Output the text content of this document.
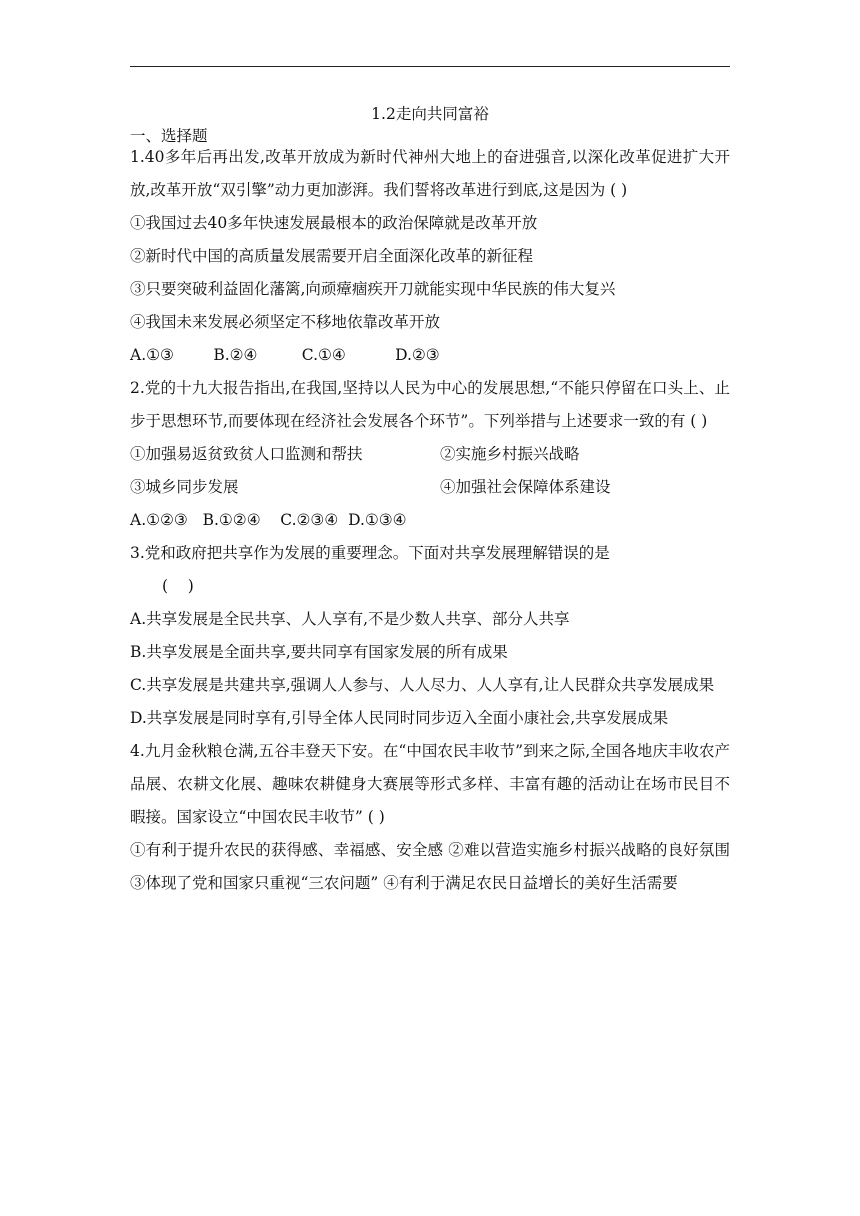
1.2走向共同富裕
一、选择题

1.40多年后再出发,改革开放成为新时代神州大地上的奋进强音,以深化改革促进扩大开放,改革开放“双引擎”动力更加澎湃。我们誓将改革进行到底,这是因为 ( )

①我国过去40多年快速发展最根本的政治保障就是改革开放
②新时代中国的高质量发展需要开启全面深化改革的新征程
③只要突破利益固化藩篱,向顽瘴痼疾开刀就能实现中华民族的伟大复兴
④我国未来发展必须坚定不移地依靠改革开放
A.①③        B.②④         C.①④          D.②③

2.党的十九大报告指出,在我国,坚持以人民为中心的发展思想,“不能只停留在口头上、止步于思想环节,而要体现在经济社会发展各个环节”。下列举措与上述要求一致的有 ( )

①加强易返贫致贫人口监测和帮扶	②实施乡村振兴战略
③城乡同步发展	④加强社会保障体系建设
A.①②③   B.①②④    C.②③④  D.①③④
3.党和政府把共享作为发展的重要理念。下面对共享发展理解错误的是
(    )
A.共享发展是全民共享、人人享有,不是少数人共享、部分人共享
B.共享发展是全面共享,要共同享有国家发展的所有成果

C.共享发展是共建共享,强调人人参与、人人尽力、人人享有,让人民群众共享发展成果

D.共享发展是同时享有,引导全体人民同时同步迈入全面小康社会,共享发展成果

4.九月金秋粮仓满,五谷丰登天下安。在“中国农民丰收节”到来之际,全国各地庆丰收农产品展、农耕文化展、趣味农耕健身大赛展等形式多样、丰富有趣的活动让在场市民目不暇接。国家设立“中国农民丰收节” ( )

①有利于提升农民的获得感、幸福感、安全感 ②难以营造实施乡村振兴战略的良好氛围 ③体现了党和国家只重视“三农问题” ④有利于满足农民日益增长的美好生活需要
